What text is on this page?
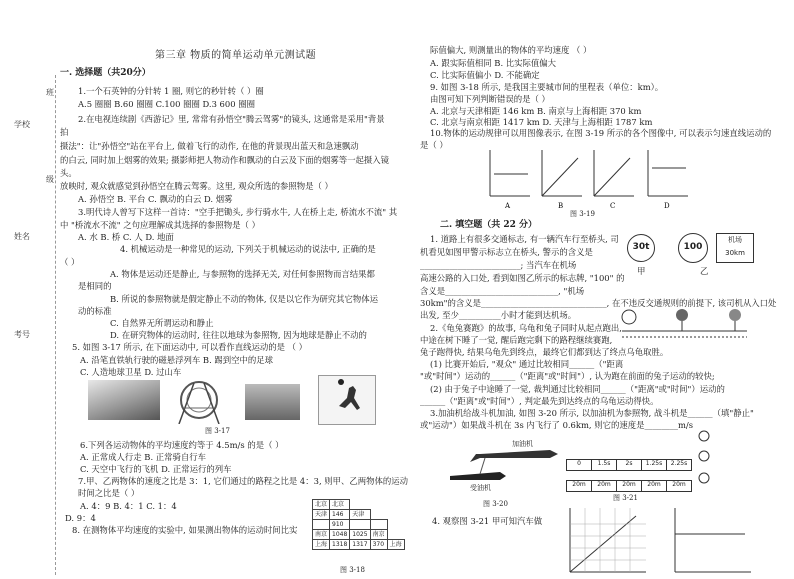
学校
班
级
姓名
考号
第三章 物质的简单运动单元测试题
一. 选择题（共20分）
1.一个石英钟的分针转 1 圈, 则它的秒针转（ ）圈
A.5 圈圈 B.60 圈圈 C.100 圈圈 D.3 600 圈圈
2.在电视连续剧《西游记》里, 常常有孙悟空"腾云驾雾"的镜头, 这通常是采用"背景
拍
摄法"：让"孙悟空"站在平台上, 做着飞行的动作, 在他的背景现出蓝天和急速飘动
的白云, 同时加上烟雾的效果; 摄影师把人物动作和飘动的白云及下面的烟雾等一起摄入镜
头。
放映时, 观众就感觉到孙悟空在腾云驾雾。这里, 观众所选的参照物是（ ）
A. 孙悟空 B. 平台 C. 飘动的白云 D. 烟雾
3.明代诗人曾写下这样一首诗："空手把锄头, 步行骑水牛, 人在桥上走, 桥流水不流" 其
中 "桥流水不流" 之句应理解成其选择的参照物是（ ）
A. 水 B. 桥 C. 人 D. 地面
4. 机械运动是一种常见的运动, 下列关于机械运动的说法中, 正确的是
（ ）
A. 物体是运动还是静止, 与参照物的选择无关, 对任何参照物而言结果都
是相同的
B. 所说的参照物就是假定静止不动的物体, 仅是以它作为研究其它物体运
动的标准
C. 自然界无所谓运动和静止
D. 在研究物体的运动时, 往往以地球为参照物, 因为地球是静止不动的
5. 如图 3-17 所示, 在下面运动中, 可以看作直线运动的是 （ ）
A. 沿笔直铁轨行驶的磁悬浮列车 B. 踢到空中的足球
C. 人造地球卫星 D. 过山车
图 3-17
6.下列各运动物体的平均速度约等于 4.5m/s 的是（ ）
A. 正常成人行走 B. 正常骑自行车
C. 天空中飞行的飞机 D. 正常运行的列车
7.甲、乙两物体的速度之比是 3：1, 它们通过的路程之比是 4：3, 则甲、乙两物体的运动
时间之比是（ ）
A. 4：9 B. 4：1 C. 1：4
D. 9：4
8. 在测物体平均速度的实验中, 如果测出物体的运动时间比实
北京	北京			
天津	146	天津		
	910			
南京	1048	1025	南京	
上海	1318	1317	370	上海
图 3-18
际值偏大, 则测量出的物体的平均速度 （ ）
A. 跟实际值相同 B. 比实际值偏大
C. 比实际值偏小 D. 不能确定
9. 如图 3-18 所示, 是我国主要城市间的里程表（单位：km）。
由图可知下列判断错误的是（ ）
A. 北京与天津相距 146 km B. 南京与上海相距 370 km
C. 北京与南京相距 1417 km D. 天津与上海相距 1787 km
10.物体的运动规律可以用图像表示, 在图 3-19 所示的各个图像中, 可以表示匀速直线运动的
是（ ）
A	B	C	D
图 3-19
二. 填空题（共 22 分）
1. 道路上有很多交通标志, 有一辆汽车行至桥头, 司
机看见如图甲警示标志立在桥头, 警示的含义是
________________________; 当汽车在机场
高速公路的入口处, 看到如图乙所示的标志牌, "100" 的
含义是___________________________, "机场
30km"的含义是______________________________, 在不违反交通规则的前提下, 该司机从入口处
出发, 至少__________小时才能到达机场。
2.《龟兔赛跑》的故事, 乌龟和兔子同时从起点跑出,
中途在树下睡了一觉, 醒后跑完剩下的路程继续赛跑,
兔子跑得快, 结果乌龟先到终点，最终它们都到达了终点乌龟取胜。
(1) 比赛开始后, "观众" 通过比较相同______（"距离
"或"时间"）运动的______（"距离"或"时间"）, 认为跑在前面的兔子运动的较快;
(2) 由于兔子中途睡了一觉, 裁判通过比较相同______（"距离"或"时间"）运动的
______（"距离"或"时间"）, 判定最先到达终点的乌龟运动得快。
3.加油机给战斗机加油, 如图 3-20 所示, 以加油机为参照物, 战斗机是______（填"静止"
或"运动"）如果战斗机在 3s 内飞行了 0.6km, 则它的速度是________m/s
30t	100
机场
30km
甲	乙
加油机
受油机
图 3-20
0	1.5s	2s	1.25s	2.25s
20m	20m	20m	20m	20m
图 3-21
4. 观察图 3-21 甲可知汽车做
